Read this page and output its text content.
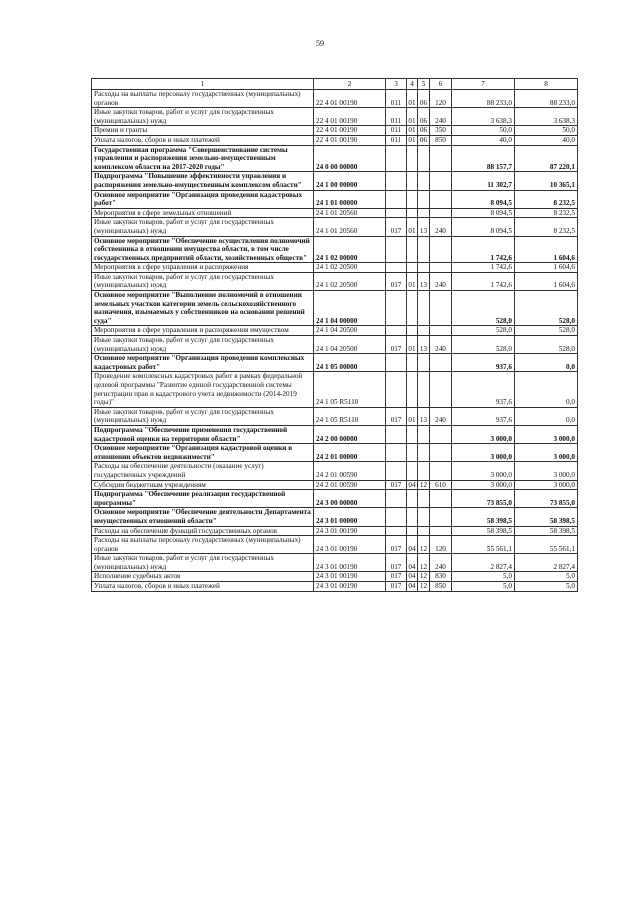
59
1	2	3	4	5	6	7	8
Расходы на выплаты персоналу государственных (муниципальных) органов	22 4 01 00190	011	01	06	120	88 233,0	88 233,0
Иные закупки товаров, работ и услуг для государственных (муниципальных) нужд	22 4 01 00190	011	01	06	240	3 638,3	3 638,3
Премии и гранты	22 4 01 00190	011	01	06	350	50,0	50,0
Уплата налогов, сборов и иных платежей	22 4 01 00190	011	01	06	850	40,0	40,0
Государственная программа "Совершенствование системы управления и распоряжения земельно-имущественным комплексом области на 2017-2020 годы"	24 0 00 00000					88 157,7	87 220,1
Подпрограмма "Повышение эффективности управления и распоряжения земельно-имущественным комплексом области"	24 1 00 00000					11 302,7	10 365,1
Основное мероприятие "Организация проведения кадастровых работ"	24 1 01 00000					8 094,5	8 232,5
Мероприятия в сфере земельных отношений	24 1 01 20560					8 094,5	8 232,5
Иные закупки товаров, работ и услуг для государственных (муниципальных) нужд	24 1 01 20560	017	01	13	240	8 094,5	8 232,5
Основное мероприятие "Обеспечение осуществления полномочий собственника в отношении имущества области, в том числе государственных предприятий области, хозяйственных обществ"	24 1 02 00000					1 742,6	1 604,6
Мероприятия в сфере управления и распоряжения	24 1 02 20500					1 742,6	1 604,6
Иные закупки товаров, работ и услуг для государственных (муниципальных) нужд	24 1 02 20500	017	01	13	240	1 742,6	1 604,6
Основное мероприятие "Выполнение полномочий в отношении земельных участков категории земель сельскохозяйственного назначения, изымаемых у собственников на основании решений суда"	24 1 04 00000					528,0	528,0
Мероприятия в сфере управления и распоряжения имуществом	24 1 04 20500					528,0	528,0
Иные закупки товаров, работ и услуг для государственных (муниципальных) нужд	24 1 04 20500	017	01	13	240	528,0	528,0
Основное мероприятие "Организация проведения комплексных кадастровых работ"	24 1 05 00000					937,6	0,0
Проведение комплексных кадастровых работ в рамках федеральной целевой программы "Развитие единой государственной системы регистрации прав и кадастрового учета недвижимости (2014-2019 годы)"	24 1 05 R5110					937,6	0,0
Иные закупки товаров, работ и услуг для государственных (муниципальных) нужд	24 1 05 R5110	017	01	13	240	937,6	0,0
Подпрограмма "Обеспечение применения государственной кадастровой оценки на территории области"	24 2 00 00000					3 000,0	3 000,0
Основное мероприятие "Организация кадастровой оценки в отношении объектов недвижимости"	24 2 01 00000					3 000,0	3 000,0
Расходы на обеспечение деятельности (оказание услуг) государственных учреждений	24 2 01 00590					3 000,0	3 000,0
Субсидии бюджетным учреждениям	24 2 01 00590	017	04	12	610	3 000,0	3 000,0
Подпрограмма "Обеспечение реализации государственной программы"	24 3 00 00000					73 855,0	73 855,0
Основное мероприятие "Обеспечение деятельности Департамента имущественных отношений области"	24 3 01 00000					58 398,5	58 398,5
Расходы на обеспечение функций государственных органов	24 3 01 00190					58 398,5	58 398,5
Расходы на выплаты персоналу государственных (муниципальных) органов	24 3 01 00190	017	04	12	120	55 561,1	55 561,1
Иные закупки товаров, работ и услуг для государственных (муниципальных) нужд	24 3 01 00190	017	04	12	240	2 827,4	2 827,4
Исполнение судебных актов	24 3 01 00190	017	04	12	830	5,0	5,0
Уплата налогов, сборов и иных платежей	24 3 01 00190	017	04	12	850	5,0	5,0
